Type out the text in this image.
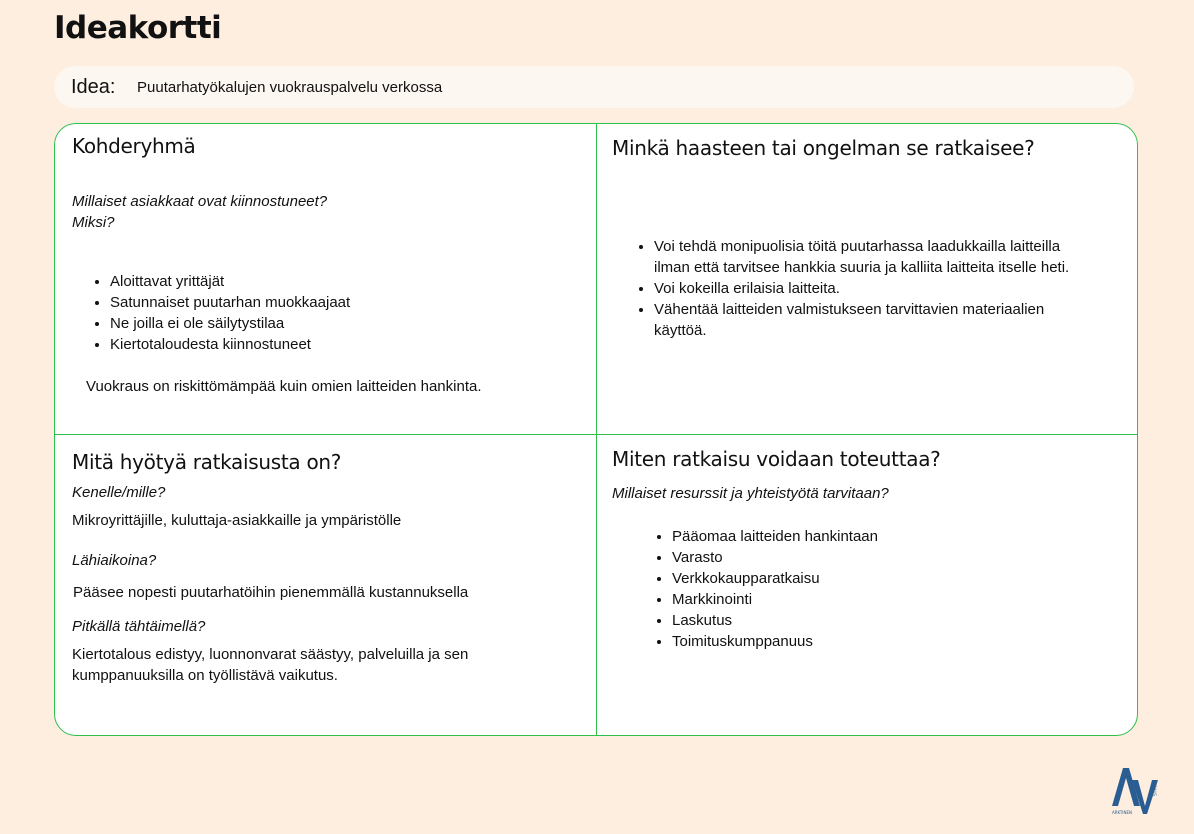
Ideakortti
Idea: Puutarhatyökalujen vuokrauspalvelu verkossa
Kohderyhmä
Millaiset asiakkaat ovat kiinnostuneet?
Miksi?
• Aloittavat yrittäjät
• Satunnaiset puutarhan muokkaajaat
• Ne joilla ei ole säilytystilaa
• Kiertotaloudesta kiinnostuneet
Vuokraus on riskittömämpää kuin omien laitteiden hankinta.
Minkä haasteen tai ongelman se ratkaisee?
• Voi tehdä monipuolisia töitä puutarhassa laadukkailla laitteilla ilman että tarvitsee hankkia suuria ja kalliita laitteita itselle heti.
• Voi kokeilla erilaisia laitteita.
• Vähentää laitteiden valmistukseen tarvittavien materiaalien käyttöä.
Mitä hyötyä ratkaisusta on?
Kenelle/mille?
Mikroyrittäjille, kuluttaja-asiakkaille ja ympäristölle
Lähiaikoina?
Pääsee nopesti puutarhatöihin pienemmällä kustannuksella
Pitkällä tähtäimellä?
Kiertotalous edistyy, luonnonvarat säästyy, palveluilla ja sen kumppanuuksilla on työllistävä vaikutus.
Miten ratkaisu voidaan toteuttaa?
Millaiset resurssit ja yhteistyötä tarvitaan?
• Pääomaa laitteiden hankintaan
• Varasto
• Verkkokaupparatkaisu
• Markkinointi
• Laskutus
• Toimituskumppanuus
VIISAUS
ARKTINEN
